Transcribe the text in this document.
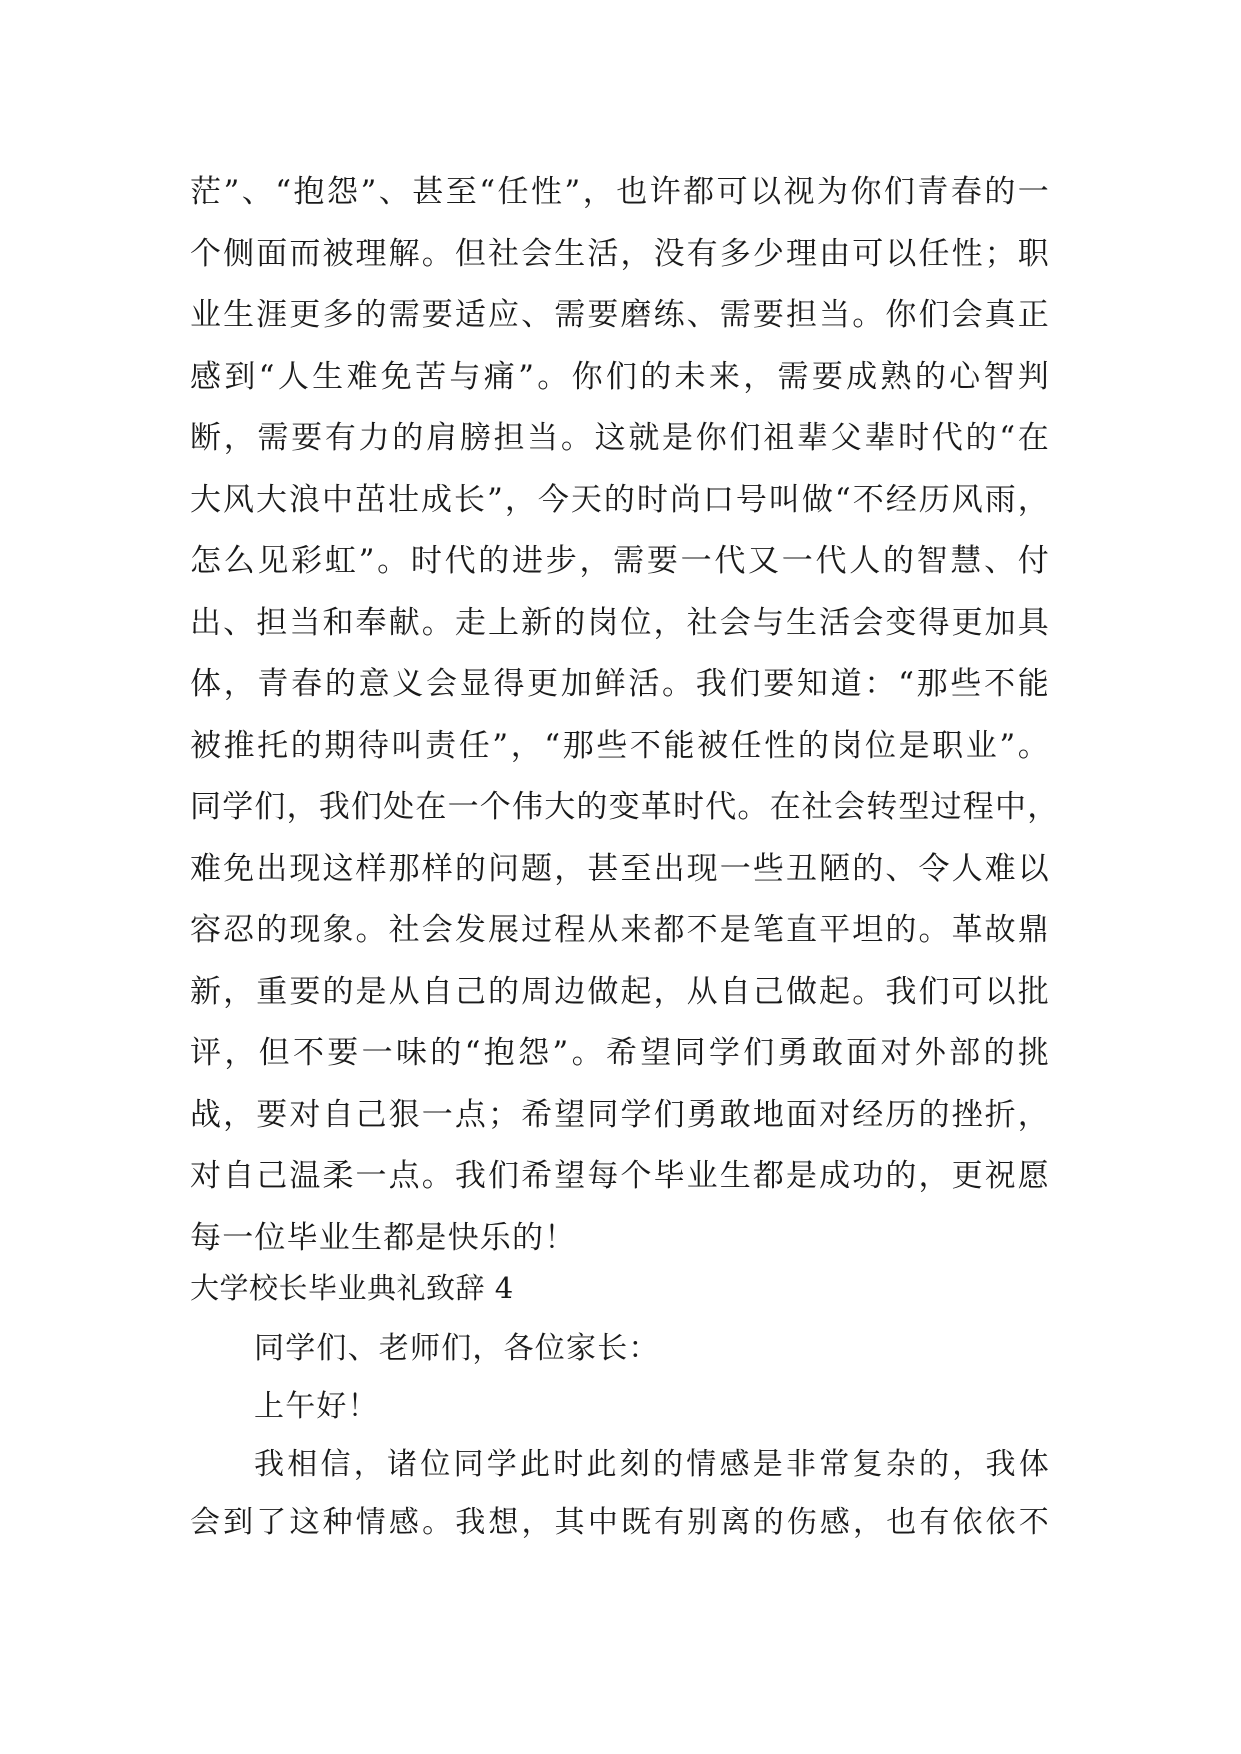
茫”、“抱怨”、甚至“任性”，也许都可以视为你们青春的一
个侧面而被理解。但社会生活，没有多少理由可以任性；职
业生涯更多的需要适应、需要磨练、需要担当。你们会真正
感到“人生难免苦与痛”。你们的未来，需要成熟的心智判
断，需要有力的肩膀担当。这就是你们祖辈父辈时代的“在
大风大浪中茁壮成长”，今天的时尚口号叫做“不经历风雨，
怎么见彩虹”。时代的进步，需要一代又一代人的智慧、付
出、担当和奉献。走上新的岗位，社会与生活会变得更加具
体，青春的意义会显得更加鲜活。我们要知道：“那些不能
被推托的期待叫责任”，“那些不能被任性的岗位是职业”。
同学们，我们处在一个伟大的变革时代。在社会转型过程中，
难免出现这样那样的问题，甚至出现一些丑陋的、令人难以
容忍的现象。社会发展过程从来都不是笔直平坦的。革故鼎
新，重要的是从自己的周边做起，从自己做起。我们可以批
评，但不要一味的“抱怨”。希望同学们勇敢面对外部的挑
战，要对自己狠一点；希望同学们勇敢地面对经历的挫折，
对自己温柔一点。我们希望每个毕业生都是成功的，更祝愿
每一位毕业生都是快乐的！
大学校长毕业典礼致辞 4
同学们、老师们，各位家长：
上午好！
我相信，诸位同学此时此刻的情感是非常复杂的，我体
会到了这种情感。我想，其中既有别离的伤感，也有依依不
